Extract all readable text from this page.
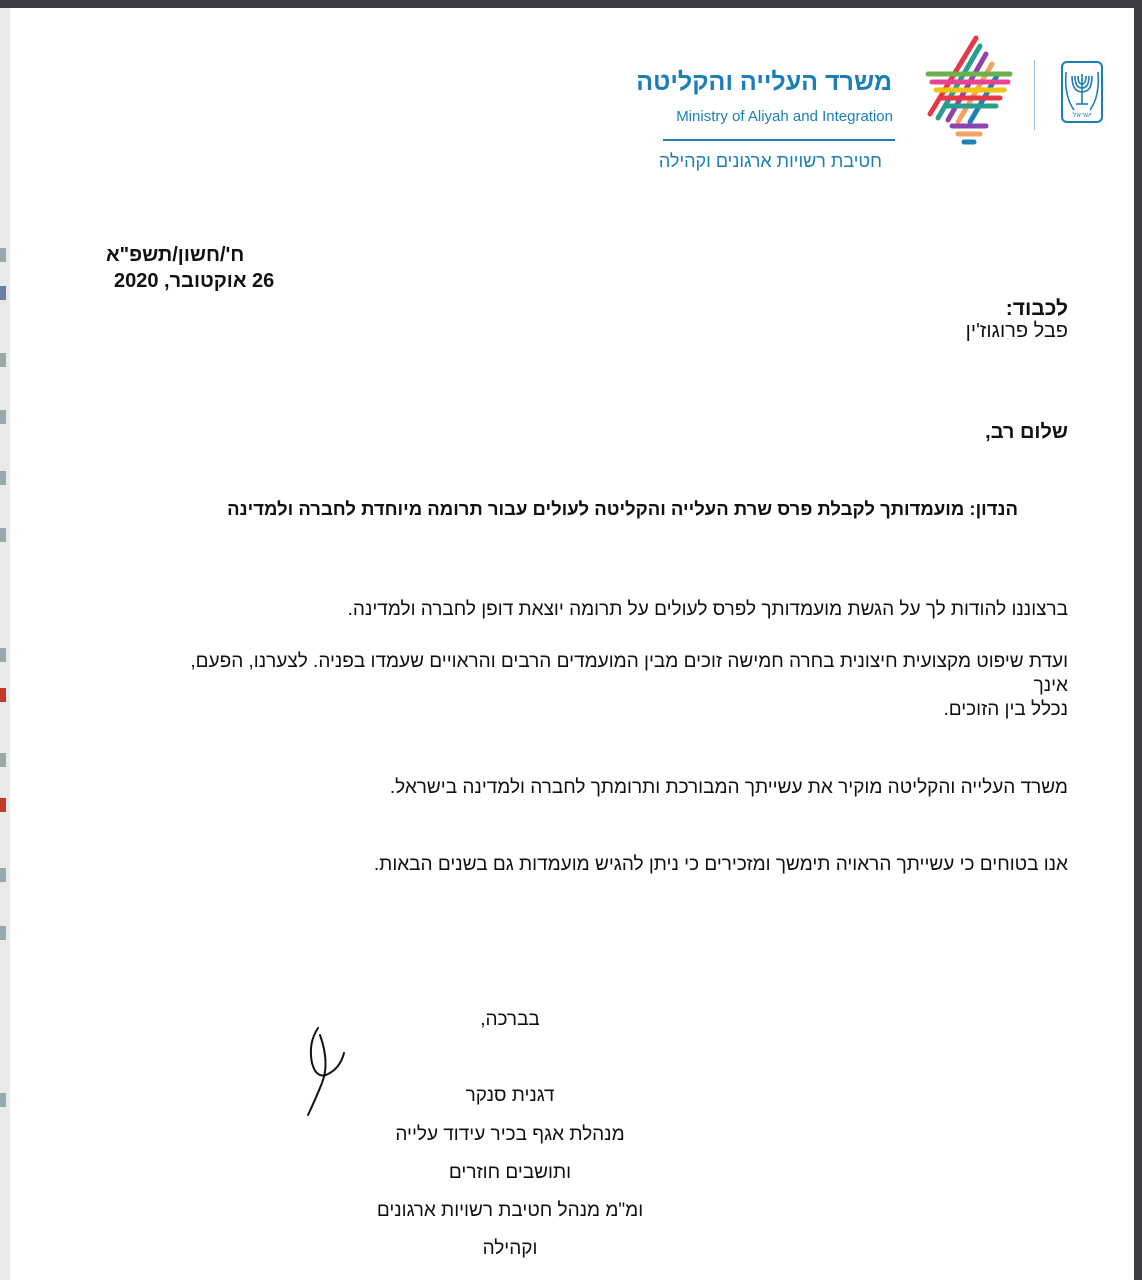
משרד העלייה והקליטה
Ministry of Aliyah and Integration
חטיבת רשויות ארגונים וקהילה
ישראל
ח'/חשון/תשפ"א
26 אוקטובר, 2020
לכבוד:
פבל פרוגוז'ין
שלום רב,
הנדון: מועמדותך לקבלת פרס שרת העלייה והקליטה לעולים עבור תרומה מיוחדת לחברה ולמדינה
ברצוננו להודות לך על הגשת מועמדותך לפרס לעולים על תרומה יוצאת דופן לחברה ולמדינה.
ועדת שיפוט מקצועית חיצונית בחרה חמישה זוכים מבין המועמדים הרבים והראויים שעמדו בפניה. לצערנו, הפעם,
אינך
נכלל בין הזוכים.
משרד העלייה והקליטה מוקיר את עשייתך המבורכת ותרומתך לחברה ולמדינה בישראל.
אנו בטוחים כי עשייתך הראויה תימשך ומזכירים כי ניתן להגיש מועמדות גם בשנים הבאות.
בברכה,
דגנית סנקר
מנהלת אגף בכיר עידוד עלייה
ותושבים חוזרים
ומ"מ מנהל חטיבת רשויות ארגונים
וקהילה
